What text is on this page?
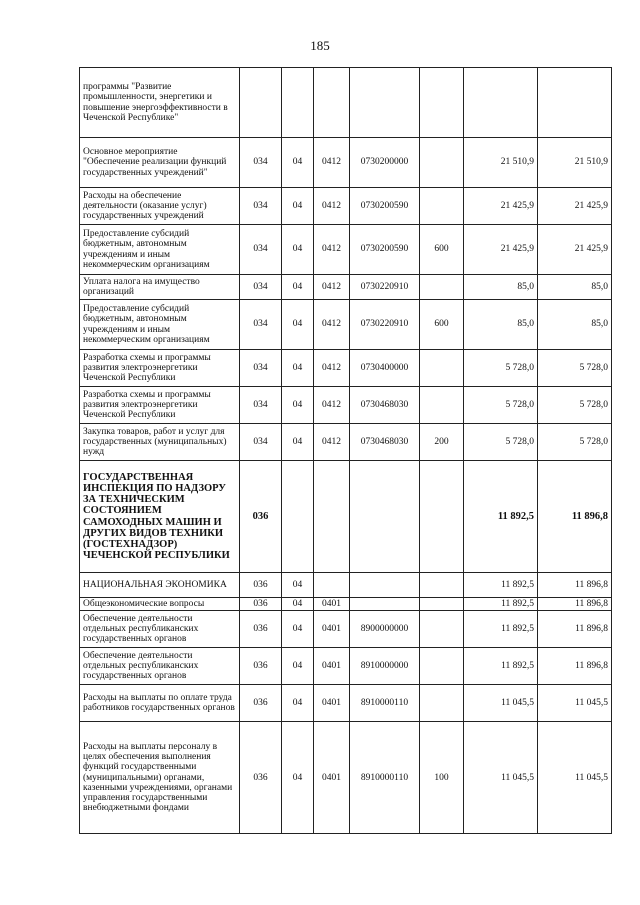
185
программы "Развитие промышленности, энергетики и повышение энергоэффективности в Чеченской Республике"							
Основное мероприятие "Обеспечение реализации функций государственных учреждений"	034	04	0412	0730200000		21 510,9	21 510,9
Расходы на обеспечение деятельности (оказание услуг) государственных учреждений	034	04	0412	0730200590		21 425,9	21 425,9
Предоставление субсидий бюджетным, автономным учреждениям и иным некоммерческим организациям	034	04	0412	0730200590	600	21 425,9	21 425,9
Уплата налога на имущество организаций	034	04	0412	0730220910		85,0	85,0
Предоставление субсидий бюджетным, автономным учреждениям и иным некоммерческим организациям	034	04	0412	0730220910	600	85,0	85,0
Разработка схемы и программы развития электроэнергетики Чеченской Республики	034	04	0412	0730400000		5 728,0	5 728,0
Разработка схемы и программы развития электроэнергетики Чеченской Республики	034	04	0412	0730468030		5 728,0	5 728,0
Закупка товаров, работ и услуг для государственных (муниципальных) нужд	034	04	0412	0730468030	200	5 728,0	5 728,0
ГОСУДАРСТВЕННАЯ ИНСПЕКЦИЯ ПО НАДЗОРУ ЗА ТЕХНИЧЕСКИМ СОСТОЯНИЕМ САМОХОДНЫХ МАШИН И ДРУГИХ ВИДОВ ТЕХНИКИ (ГОСТЕХНАДЗОР) ЧЕЧЕНСКОЙ РЕСПУБЛИКИ	036					11 892,5	11 896,8
НАЦИОНАЛЬНАЯ ЭКОНОМИКА	036	04				11 892,5	11 896,8
Общеэкономические вопросы	036	04	0401			11 892,5	11 896,8
Обеспечение деятельности отдельных республиканских государственных органов	036	04	0401	8900000000		11 892,5	11 896,8
Обеспечение деятельности отдельных республиканских государственных органов	036	04	0401	8910000000		11 892,5	11 896,8
Расходы на выплаты по оплате труда работников государственных органов	036	04	0401	8910000110		11 045,5	11 045,5
Расходы на выплаты персоналу в целях обеспечения выполнения функций государственными (муниципальными) органами, казенными учреждениями, органами управления государственными внебюджетными фондами	036	04	0401	8910000110	100	11 045,5	11 045,5
